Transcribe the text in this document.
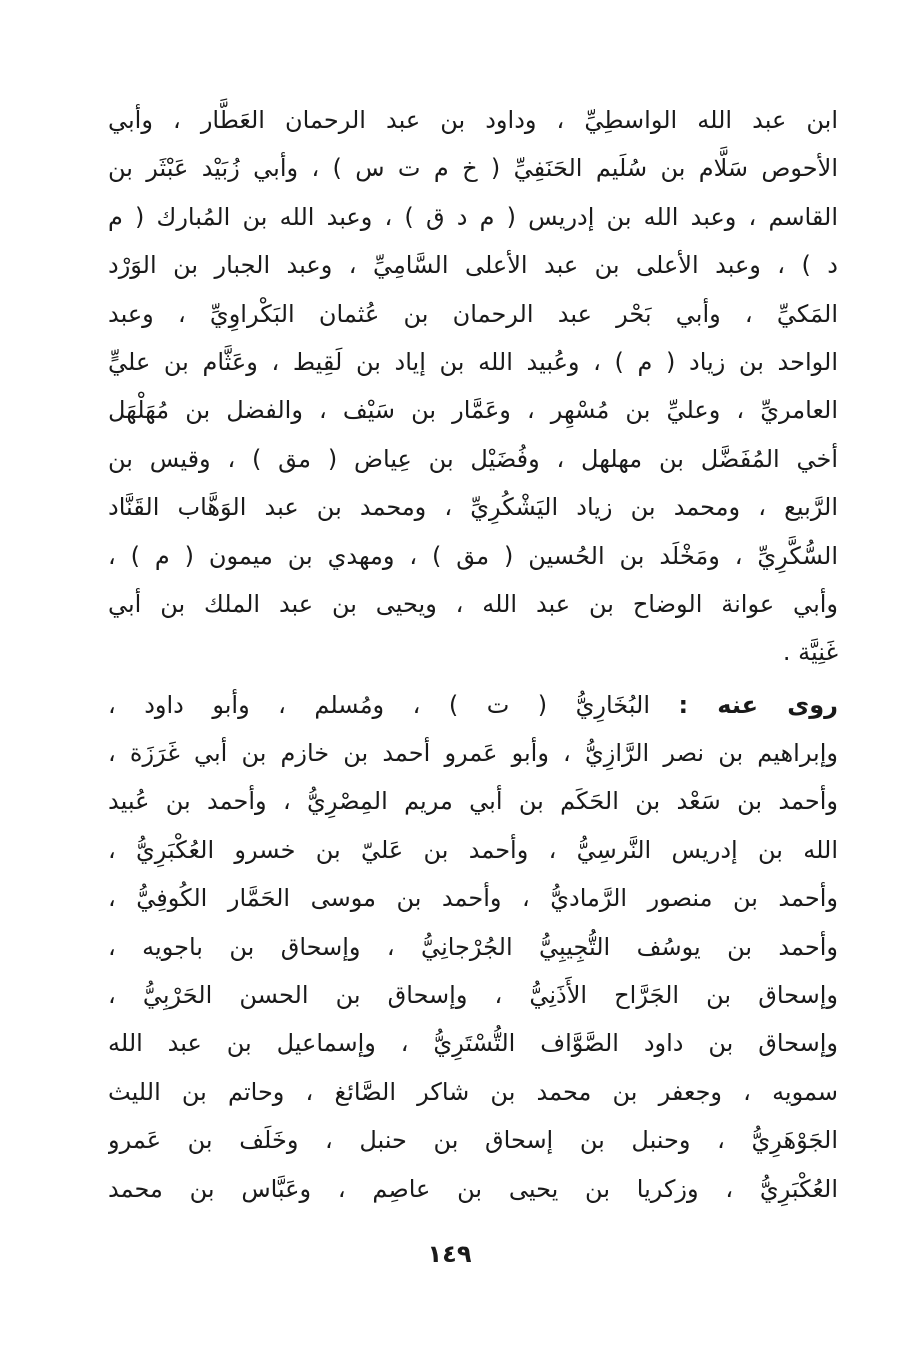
ابن عبد الله الواسطِيِّ ، وداود بن عبد الرحمان العَطَّار ، وأبي
الأحوص سَلَّام بن سُلَيم الحَنَفِيِّ ( خ م ت س ) ، وأبي زُبَيْد عَبْثَر بن
القاسم ، وعبد الله بن إدريس ( م د ق ) ، وعبد الله بن المُبارك ( م
د ) ، وعبد الأعلى بن عبد الأعلى السَّامِيِّ ، وعبد الجبار بن الوَرْد
المَكيِّ ، وأبي بَحْر عبد الرحمان بن عُثمان البَكْراوِيِّ ، وعبد
الواحد بن زياد ( م ) ، وعُبيد الله بن إياد بن لَقِيط ، وعَثَّام بن عليٍّ
العامريِّ ، وعليِّ بن مُسْهِر ، وعَمَّار بن سَيْف ، والفضل بن مُهَلْهَل
أخي المُفَضَّل بن مهلهل ، وفُضَيْل بن عِياض ( مق ) ، وقيس بن
الرَّبيع ، ومحمد بن زياد اليَشْكُرِيِّ ، ومحمد بن عبد الوَهَّاب القَنَّاد
السُّكَّرِيِّ ، ومَخْلَد بن الحُسين ( مق ) ، ومهدي بن ميمون ( م ) ،
وأبي عوانة الوضاح بن عبد الله ، ويحيى بن عبد الملك بن أبي
غَنِيَّة .
روى عنه : البُخَارِيُّ ( ت ) ، ومُسلم ، وأبو داود ،
وإبراهيم بن نصر الرَّازِيُّ ، وأبو عَمرو أحمد بن خازم بن أبي غَرَزَة ،
وأحمد بن سَعْد بن الحَكَم بن أبي مريم المِصْرِيُّ ، وأحمد بن عُبيد
الله بن إدريس النَّرسِيُّ ، وأحمد بن عَليّ بن خسرو العُكْبَرِيُّ ،
وأحمد بن منصور الرَّماديُّ ، وأحمد بن موسى الحَمَّار الكُوفِيُّ ،
وأحمد بن يوسُف التُّجِيبِيُّ الجُرْجانِيُّ ، وإسحاق بن باجويه ،
وإسحاق بن الجَرَّاح الأَذَنِيُّ ، وإسحاق بن الحسن الحَرْبِيُّ ،
وإسحاق بن داود الصَّوَّاف التُّسْتَرِيُّ ، وإسماعيل بن عبد الله
سمويه ، وجعفر بن محمد بن شاكر الصَّائغ ، وحاتم بن الليث
الجَوْهَرِيُّ ، وحنبل بن إسحاق بن حنبل ، وخَلَف بن عَمرو
العُكْبَرِيُّ ، وزكريا بن يحيى بن عاصِم ، وعَبَّاس بن محمد
١٤٩
